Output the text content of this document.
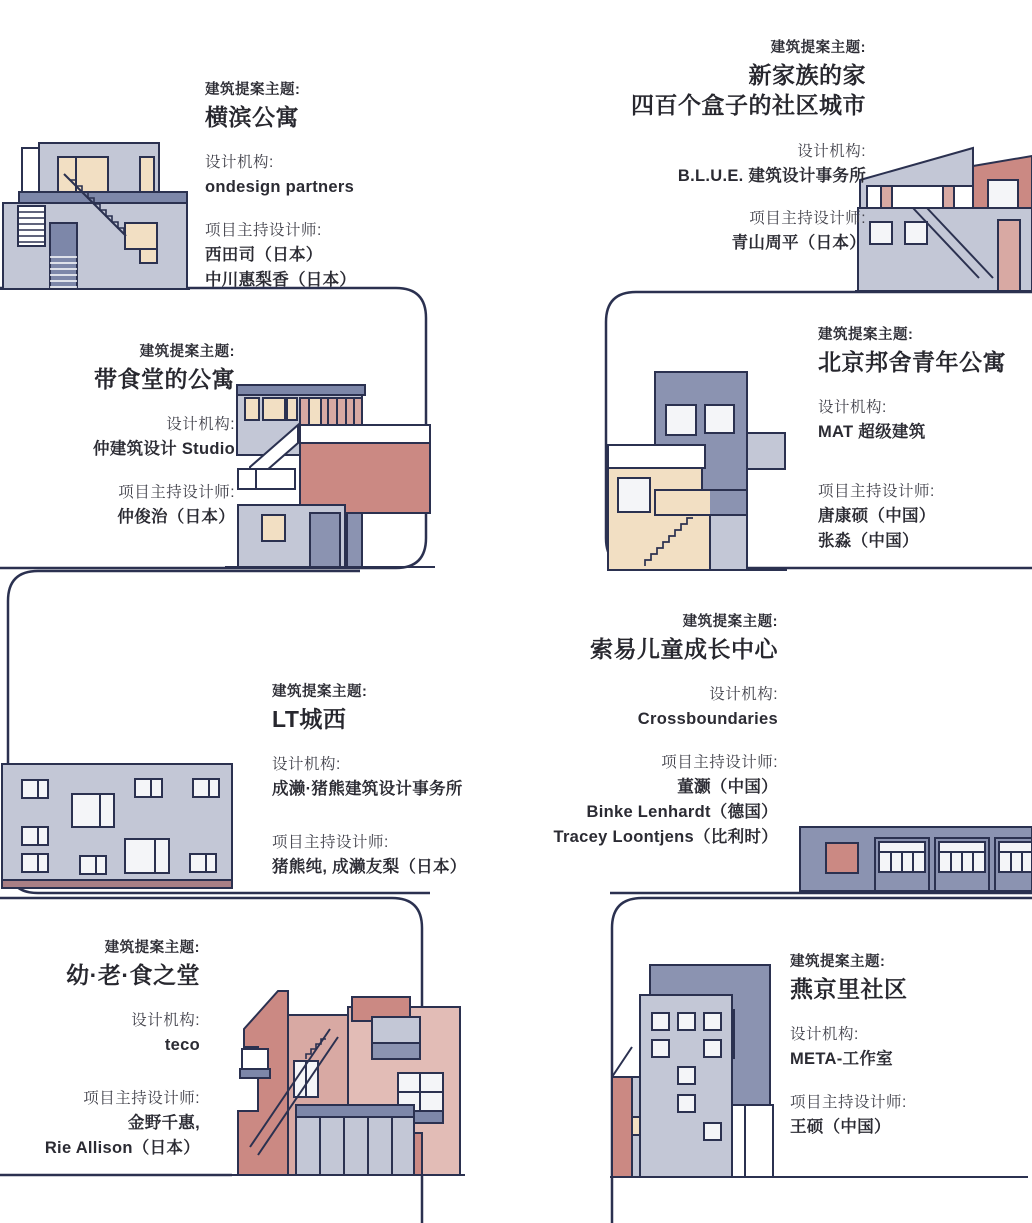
建筑提案主题:
横滨公寓
设计机构:
ondesign partners
项目主持设计师:
西田司（日本）
中川惠梨香（日本）
建筑提案主题:
新家族的家
四百个盒子的社区城市
设计机构:
B.L.U.E. 建筑设计事务所
项目主持设计师:
青山周平（日本）
建筑提案主题:
带食堂的公寓
设计机构:
仲建筑设计 Studio
项目主持设计师:
仲俊治（日本）
建筑提案主题:
北京邦舍青年公寓
设计机构:
MAT 超级建筑
项目主持设计师:
唐康硕（中国）
张淼（中国）
建筑提案主题:
LT城西
设计机构:
成濑·猪熊建筑设计事务所
项目主持设计师:
猪熊纯, 成濑友梨（日本）
建筑提案主题:
索易儿童成长中心
设计机构:
Crossboundaries
项目主持设计师:
董灏（中国）
Binke Lenhardt（德国）
Tracey Loontjens（比利时）
建筑提案主题:
幼·老·食之堂
设计机构:
teco
项目主持设计师:
金野千惠,
Rie Allison（日本）
建筑提案主题:
燕京里社区
设计机构:
META-工作室
项目主持设计师:
王硕（中国）
